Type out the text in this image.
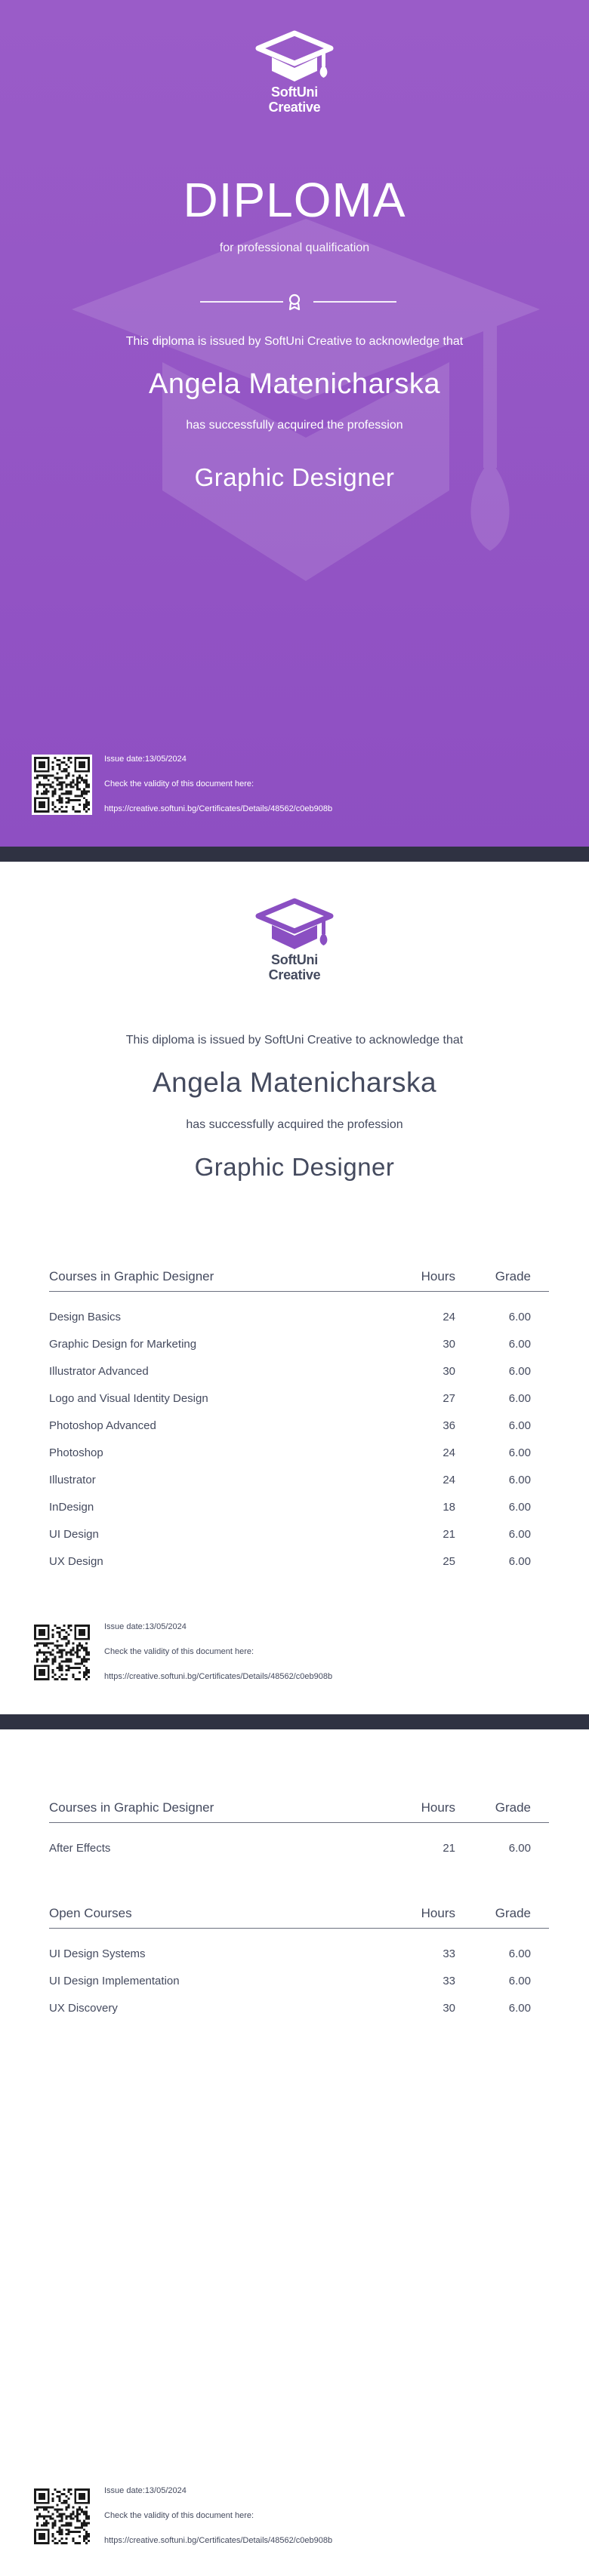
SoftUni
Creative
DIPLOMA
for professional qualification
This diploma is issued by SoftUni Creative to acknowledge that
Angela Matenicharska
has successfully acquired the profession
Graphic Designer
Issue date:13/05/2024
Check the validity of this document here:
https://creative.softuni.bg/Certificates/Details/48562/c0eb908b
SoftUni
Creative
This diploma is issued by SoftUni Creative to acknowledge that
Angela Matenicharska
has successfully acquired the profession
Graphic Designer
Courses in Graphic Designer	Hours	Grade
Design Basics	24	6.00
Graphic Design for Marketing	30	6.00
Illustrator Advanced	30	6.00
Logo and Visual Identity Design	27	6.00
Photoshop Advanced	36	6.00
Photoshop	24	6.00
Illustrator	24	6.00
InDesign	18	6.00
UI Design	21	6.00
UX Design	25	6.00
Issue date:13/05/2024
Check the validity of this document here:
https://creative.softuni.bg/Certificates/Details/48562/c0eb908b
Courses in Graphic Designer	Hours	Grade
After Effects	21	6.00
Open Courses	Hours	Grade
UI Design Systems	33	6.00
UI Design Implementation	33	6.00
UX Discovery	30	6.00
Issue date:13/05/2024
Check the validity of this document here:
https://creative.softuni.bg/Certificates/Details/48562/c0eb908b
